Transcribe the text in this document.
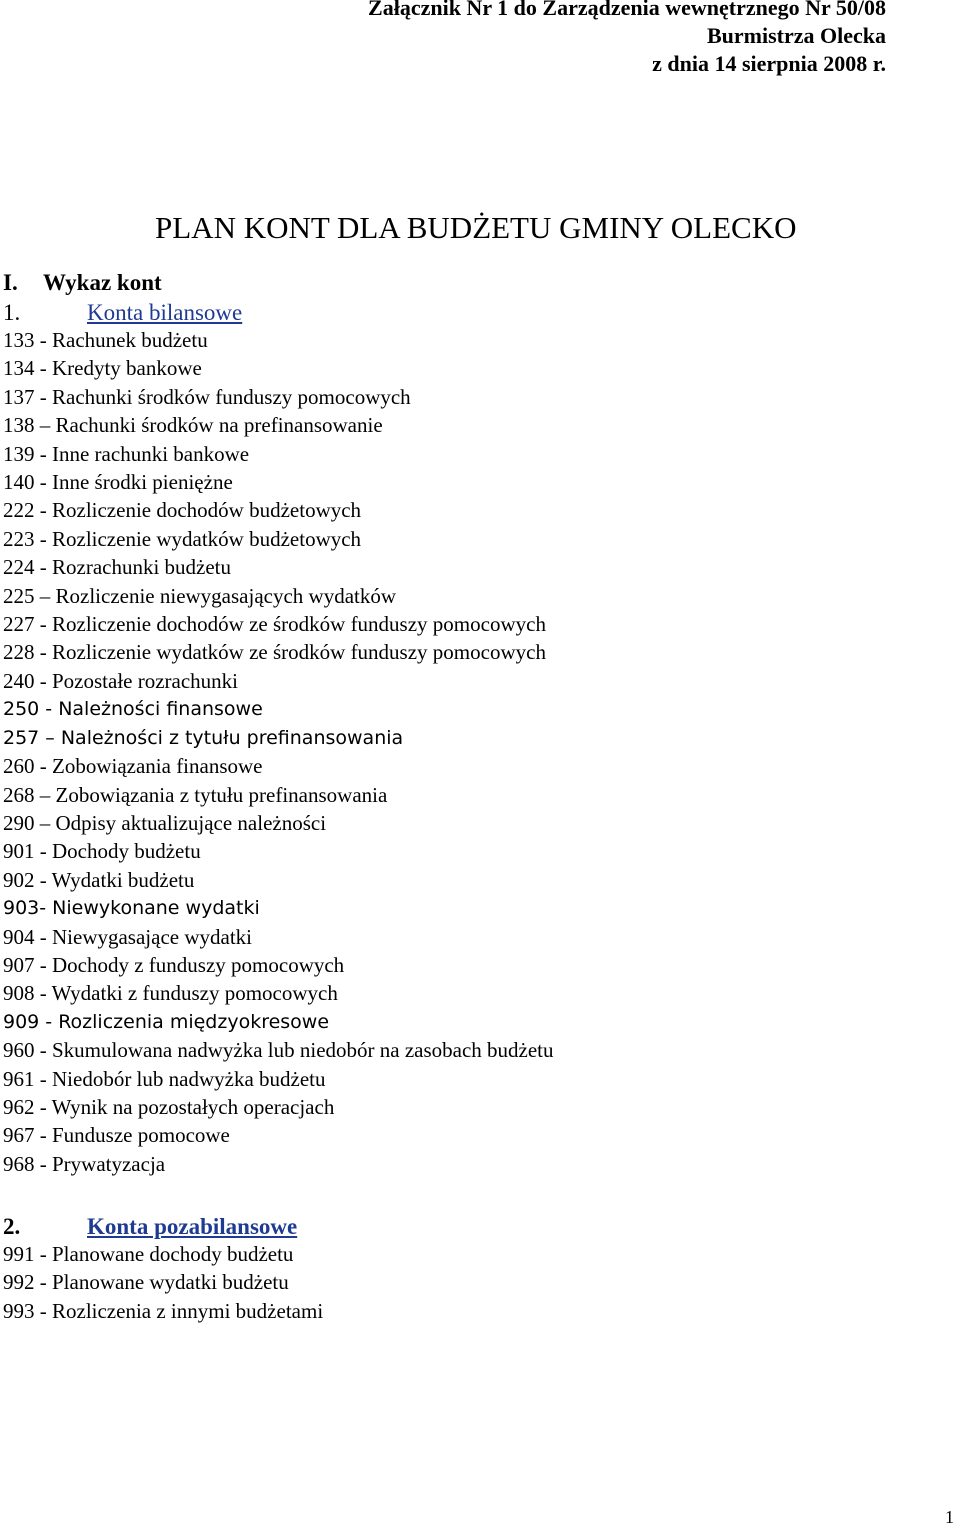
Załącznik Nr 1 do Zarządzenia wewnętrznego Nr 50/08
Burmistrza Olecka
z dnia 14 sierpnia 2008 r.
PLAN KONT DLA BUDŻETU GMINY OLECKO
I. Wykaz kont
1.	Konta bilansowe
133 - Rachunek budżetu
134 - Kredyty bankowe
137 - Rachunki środków funduszy pomocowych
138 – Rachunki środków na prefinansowanie
139 - Inne rachunki bankowe
140 - Inne środki pieniężne
222 - Rozliczenie dochodów budżetowych
223 - Rozliczenie wydatków budżetowych
224 - Rozrachunki budżetu
225 – Rozliczenie niewygasających wydatków
227 - Rozliczenie dochodów ze środków funduszy pomocowych
228 - Rozliczenie wydatków ze środków funduszy pomocowych
240 - Pozostałe rozrachunki
250 - Należności finansowe
257 – Należności z tytułu prefinansowania
260 - Zobowiązania finansowe
268 – Zobowiązania z tytułu prefinansowania
290 – Odpisy aktualizujące należności
901 - Dochody budżetu
902 - Wydatki budżetu
903- Niewykonane wydatki
904 - Niewygasające wydatki
907 - Dochody z funduszy pomocowych
908 - Wydatki z funduszy pomocowych
909 - Rozliczenia międzyokresowe
960 - Skumulowana nadwyżka lub niedobór na zasobach budżetu
961 - Niedobór lub nadwyżka budżetu
962 - Wynik na pozostałych operacjach
967 - Fundusze pomocowe
968 - Prywatyzacja
2.	Konta pozabilansowe
991 - Planowane dochody budżetu
992 - Planowane wydatki budżetu
993 - Rozliczenia z innymi budżetami
1
